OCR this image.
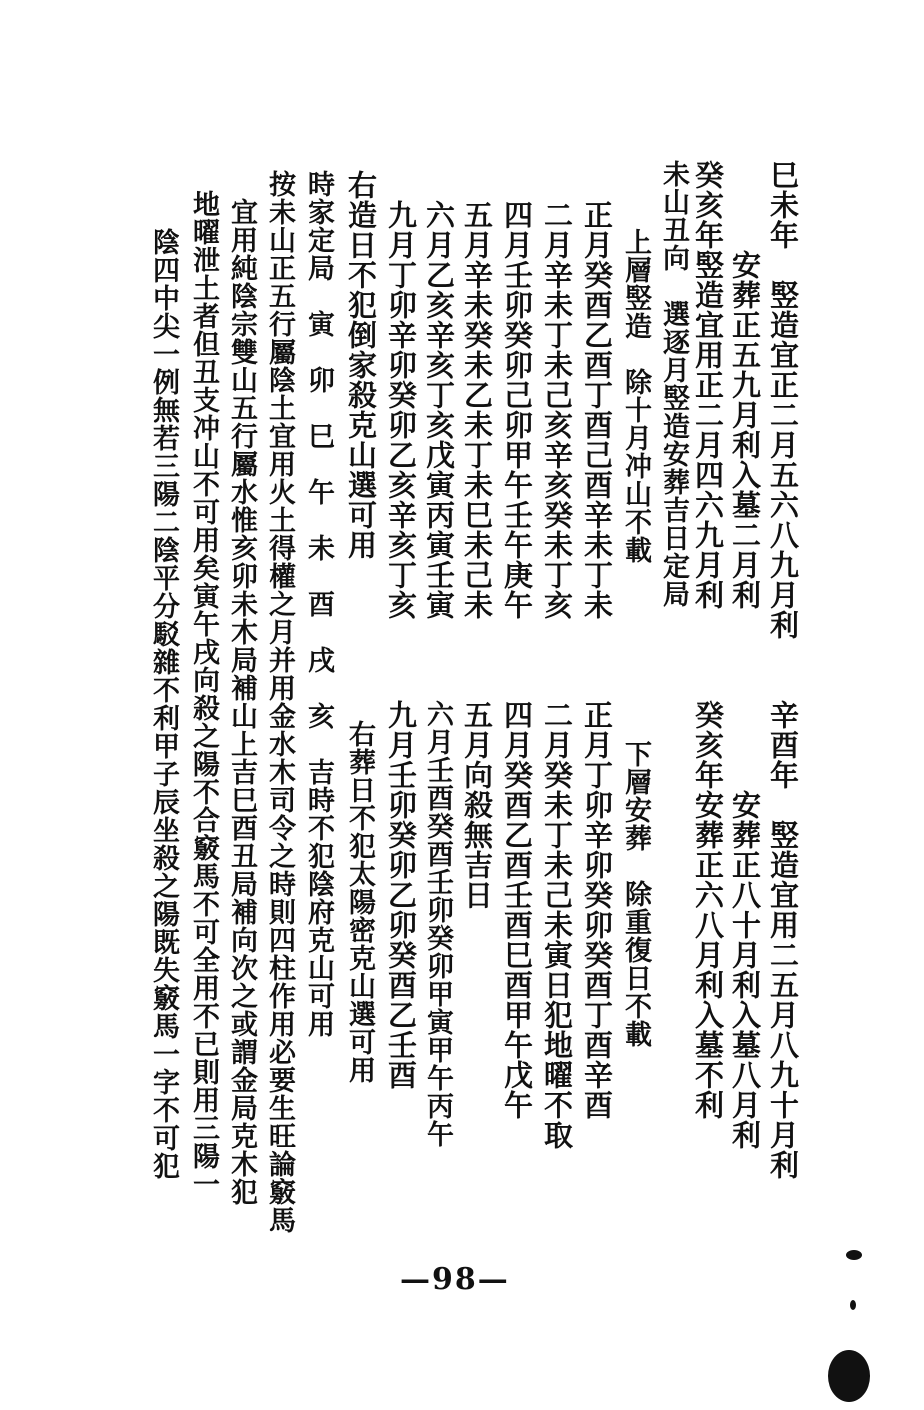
巳未年　竪造宜正二月五六八九月利
　　　安葬正五九月利入墓二月利
癸亥年竪造宜用正二月四六九月利
未山丑向　選逐月竪造安葬吉日定局
　上層竪造　除十月冲山不載
正月癸酉乙酉丁酉己酉辛未丁未
二月辛未丁未己亥辛亥癸未丁亥
四月壬卯癸卯己卯甲午壬午庚午
五月辛未癸未乙未丁未巳未己未
六月乙亥辛亥丁亥戊寅丙寅壬寅
九月丁卯辛卯癸卯乙亥辛亥丁亥
右造日不犯倒家殺克山選可用
時家定局　寅　卯　巳　午　未　酉　戌　亥　吉時不犯陰府克山可用
按未山正五行屬陰土宜用火土得權之月并用金水木司令之時則四柱作用必要生旺論竅馬
　宜用純陰宗雙山五行屬水惟亥卯未木局補山上吉巳酉丑局補向次之或謂金局克木犯
地曜泄土者但丑支冲山不可用矣寅午戌向殺之陽不合竅馬不可全用不已則用三陽一
　陰四中尖一例無若三陽二陰平分駁雜不利甲子辰坐殺之陽既失竅馬一字不可犯	辛酉年　竪造宜用二五月八九十月利
　　　安葬正八十月利入墓八月利
癸亥年安葬正六八月利入墓不利
下層安葬　除重復日不載
正月丁卯辛卯癸卯癸酉丁酉辛酉
二月癸未丁未己未寅日犯地曜不取
四月癸酉乙酉壬酉巳酉甲午戊午
五月向殺無吉日
六月壬酉癸酉壬卯癸卯甲寅甲午丙午
九月壬卯癸卯乙卯癸酉乙壬酉
右葬日不犯太陽密克山選可用
—98—
